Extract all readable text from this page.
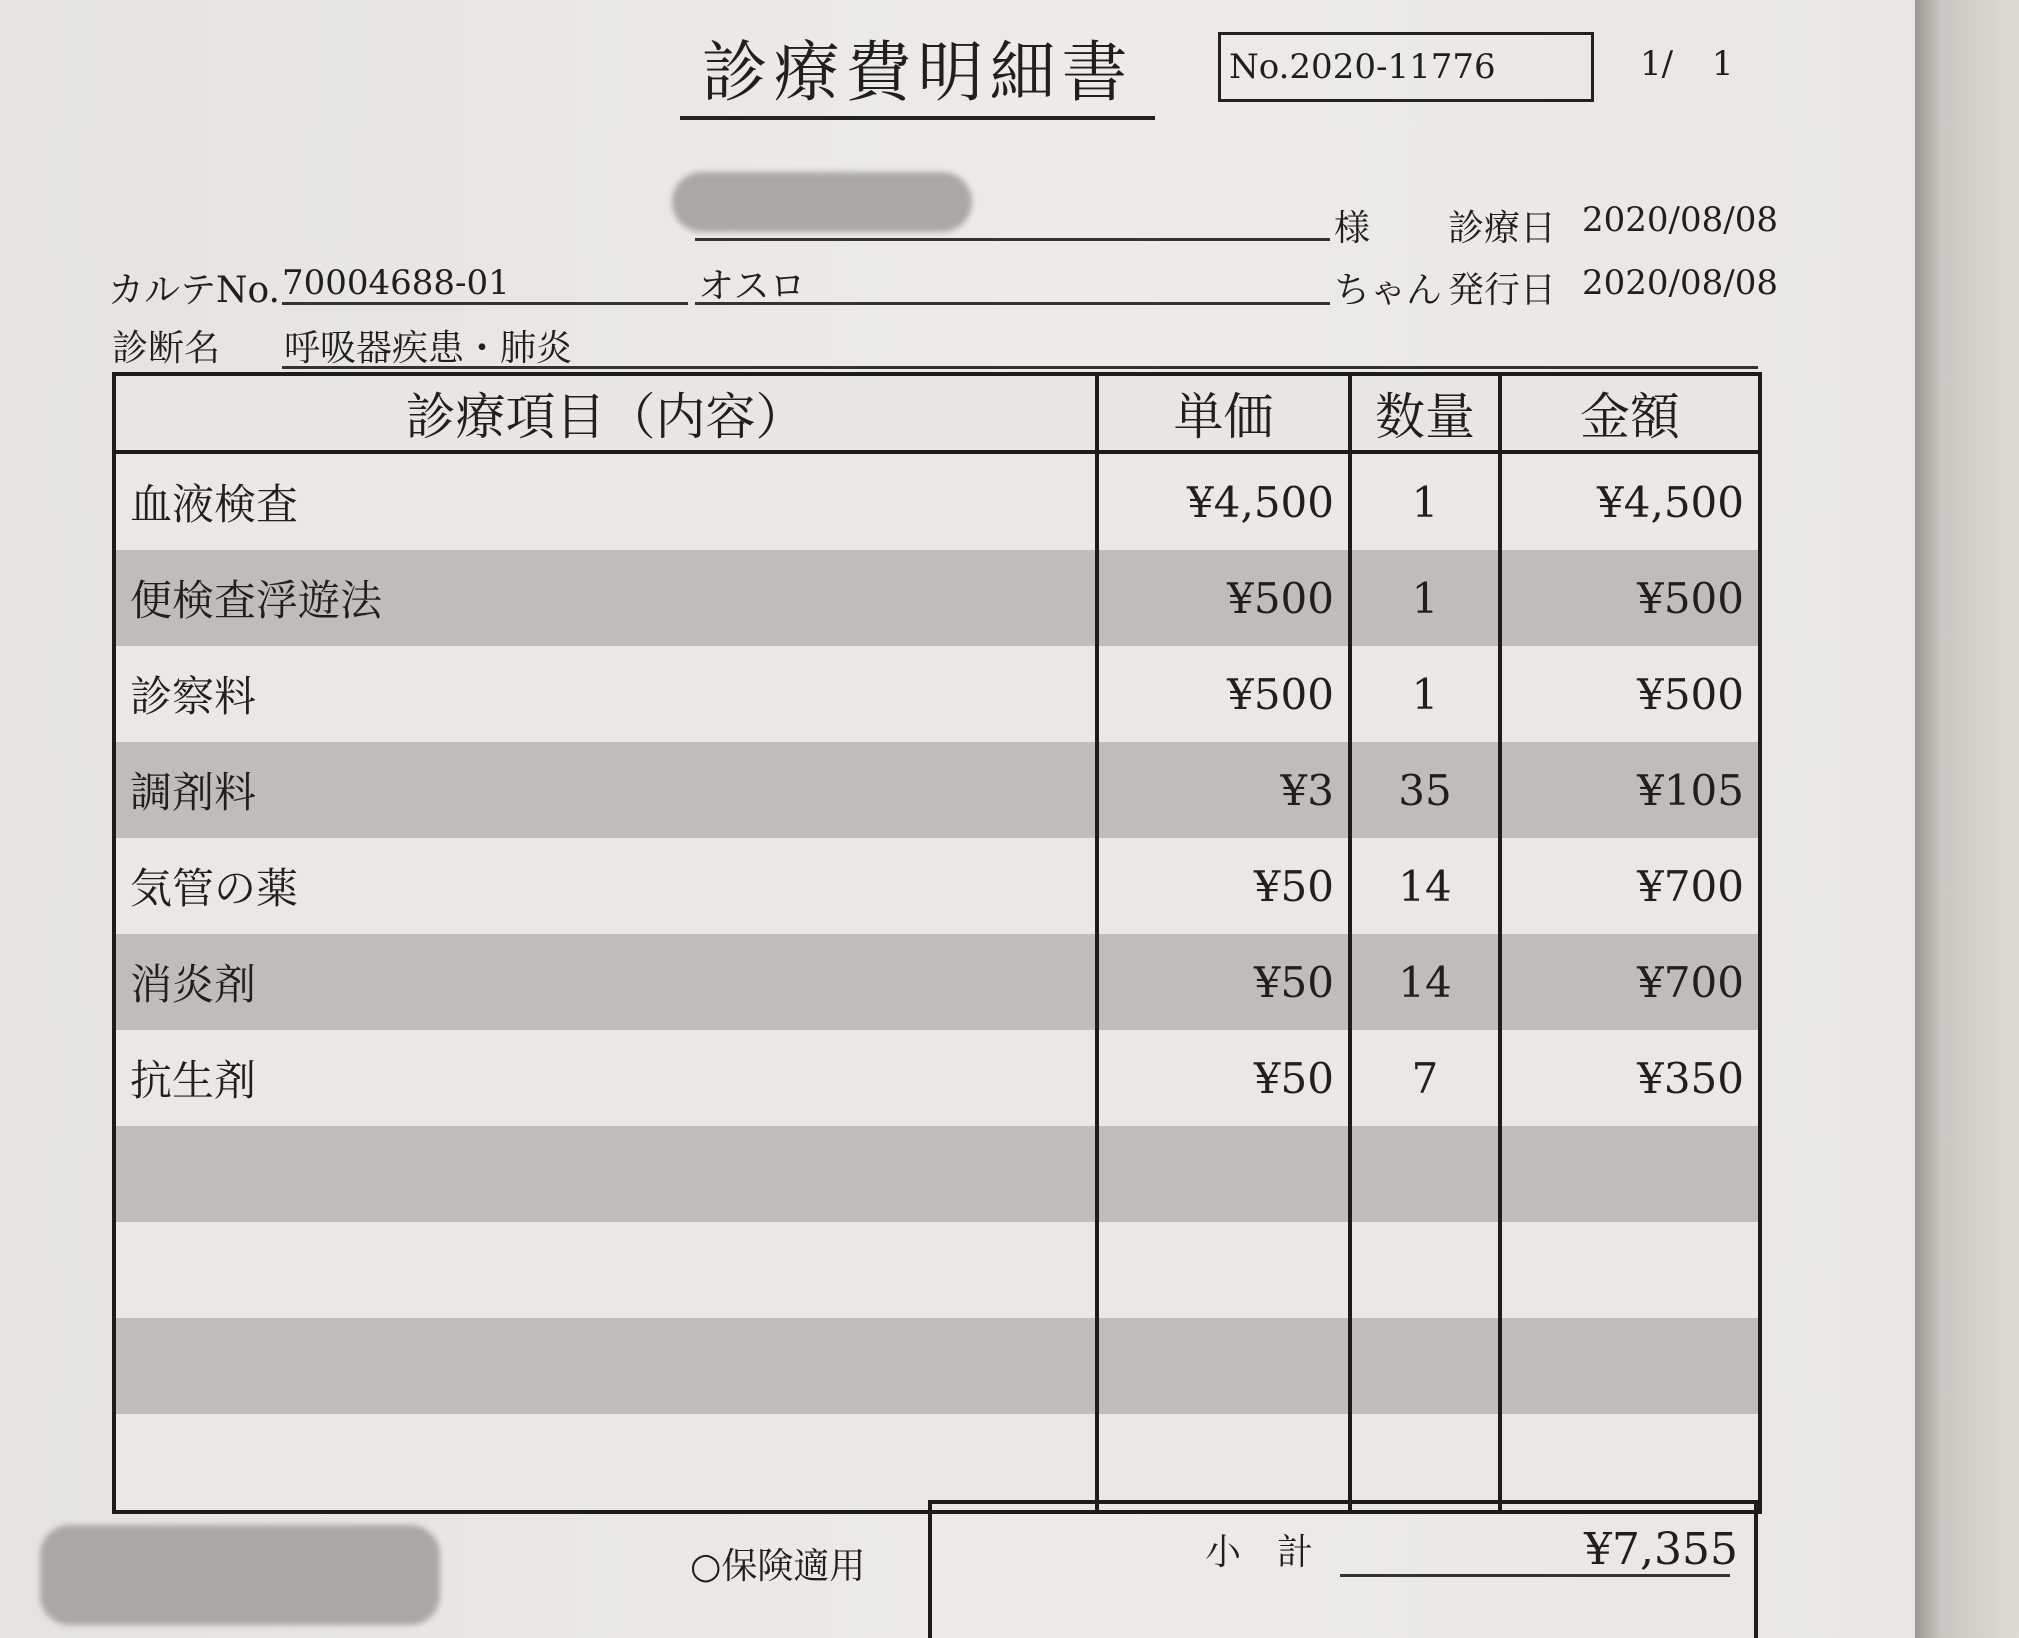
診療費明細書	No.2020-11776	1/ 1
様 診療日 2020/08/08
カルテNo. 70004688-01	オスロ	ちゃん 発行日 2020/08/08
診断名 呼吸器疾患・肺炎
診療項目（内容）	単価	数量	金額
血液検査	¥4,500	1	¥4,500
便検査浮遊法	¥500	1	¥500
診察料	¥500	1	¥500
調剤料	¥3	35	¥105
気管の薬	¥50	14	¥700
消炎剤	¥50	14	¥700
抗生剤	¥50	7	¥350

○保険適用	小　計	¥7,355
